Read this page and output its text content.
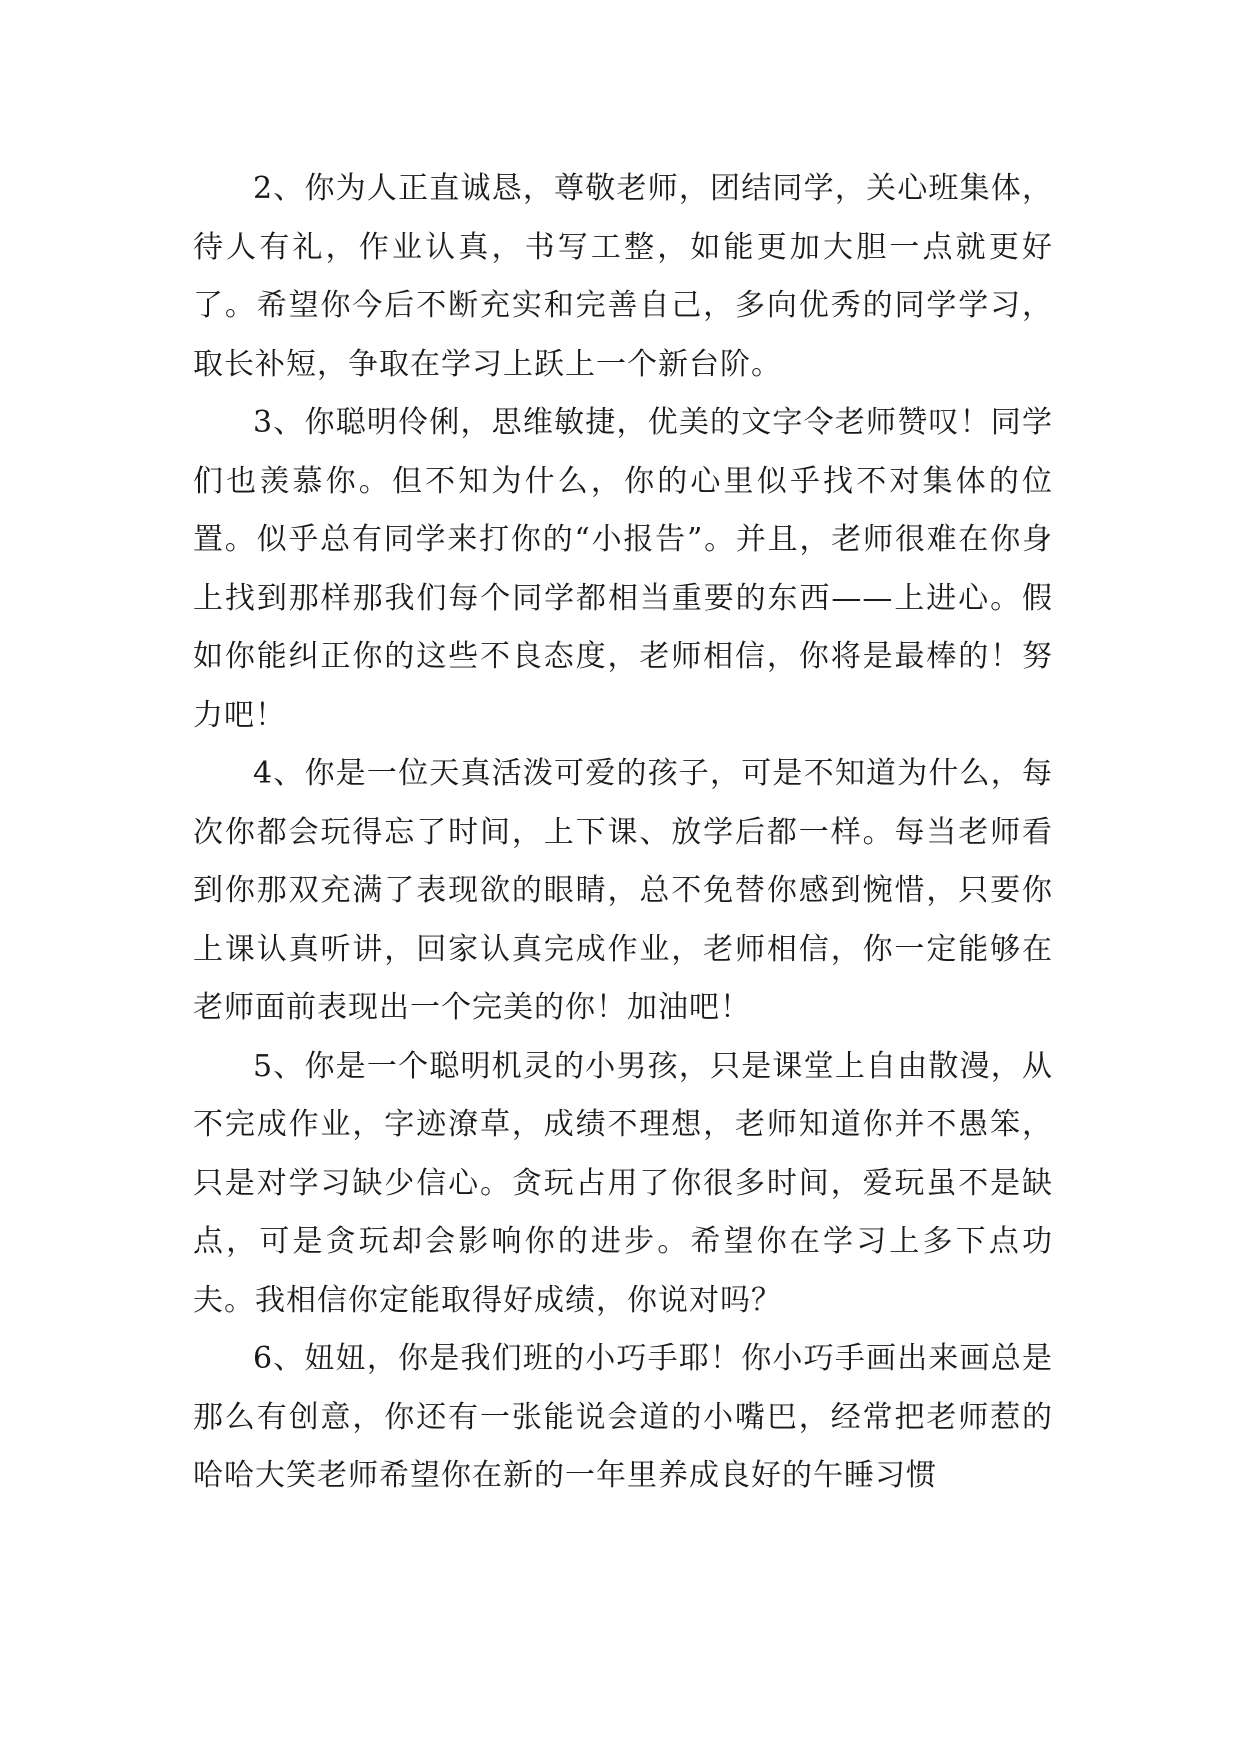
2、你为人正直诚恳，尊敬老师，团结同学，关心班集体，待人有礼，作业认真，书写工整，如能更加大胆一点就更好了。希望你今后不断充实和完善自己，多向优秀的同学学习，取长补短，争取在学习上跃上一个新台阶。

3、你聪明伶俐，思维敏捷，优美的文字令老师赞叹！同学们也羡慕你。但不知为什么，你的心里似乎找不对集体的位置。似乎总有同学来打你的“小报告”。并且，老师很难在你身上找到那样那我们每个同学都相当重要的东西——上进心。假如你能纠正你的这些不良态度，老师相信，你将是最棒的！努力吧！

4、你是一位天真活泼可爱的孩子，可是不知道为什么，每次你都会玩得忘了时间，上下课、放学后都一样。每当老师看到你那双充满了表现欲的眼睛，总不免替你感到惋惜，只要你上课认真听讲，回家认真完成作业，老师相信，你一定能够在老师面前表现出一个完美的你！加油吧！

5、你是一个聪明机灵的小男孩，只是课堂上自由散漫，从不完成作业，字迹潦草，成绩不理想，老师知道你并不愚笨，只是对学习缺少信心。贪玩占用了你很多时间，爱玩虽不是缺点，可是贪玩却会影响你的进步。希望你在学习上多下点功夫。我相信你定能取得好成绩，你说对吗？

6、妞妞，你是我们班的小巧手耶！你小巧手画出来画总是那么有创意，你还有一张能说会道的小嘴巴，经常把老师惹的哈哈大笑老师希望你在新的一年里养成良好的午睡习惯
